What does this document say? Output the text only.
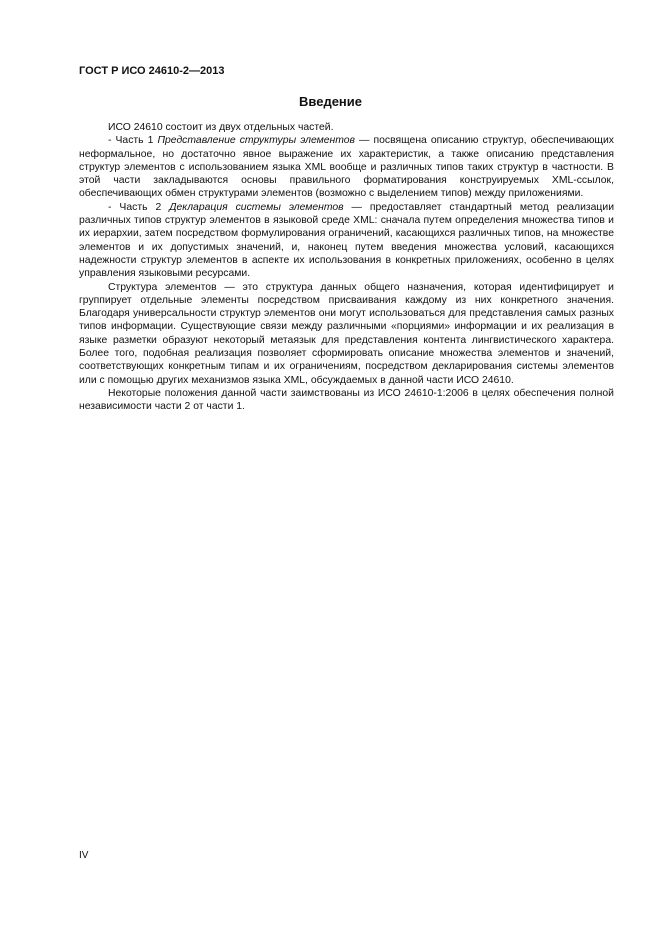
ГОСТ Р ИСО 24610-2—2013
Введение

ИСО 24610 состоит из двух отдельных частей.

- Часть 1 Представление структуры элементов — посвящена описанию структур, обеспечивающих неформальное, но достаточно явное выражение их характеристик, а также описанию представления структур элементов с использованием языка XML вообще и различных типов таких структур в частности. В этой части закладываются основы правильного форматирования конструируемых XML-ссылок, обеспечивающих обмен структурами элементов (возможно с выделением типов) между приложениями.

- Часть 2 Декларация системы элементов — предоставляет стандартный метод реализации различных типов структур элементов в языковой среде XML: сначала путем определения множества типов и их иерархии, затем посредством формулирования ограничений, касающихся различных типов, на множестве элементов и их допустимых значений, и, наконец путем введения множества условий, касающихся надежности структур элементов в аспекте их использования в конкретных приложениях, особенно в целях управления языковыми ресурсами.

Структура элементов — это структура данных общего назначения, которая идентифицирует и группирует отдельные элементы посредством присваивания каждому из них конкретного значения. Благодаря универсальности структур элементов они могут использоваться для представления самых разных типов информации. Существующие связи между различными «порциями» информации и их реализация в языке разметки образуют некоторый метаязык для представления контента лингвистического характера. Более того, подобная реализация позволяет сформировать описание множества элементов и значений, соответствующих конкретным типам и их ограничениям, посредством декларирования системы элементов или с помощью других механизмов языка XML, обсуждаемых в данной части ИСО 24610.

Некоторые положения данной части заимствованы из ИСО 24610-1:2006 в целях обеспечения полной независимости части 2 от части 1.

IV
